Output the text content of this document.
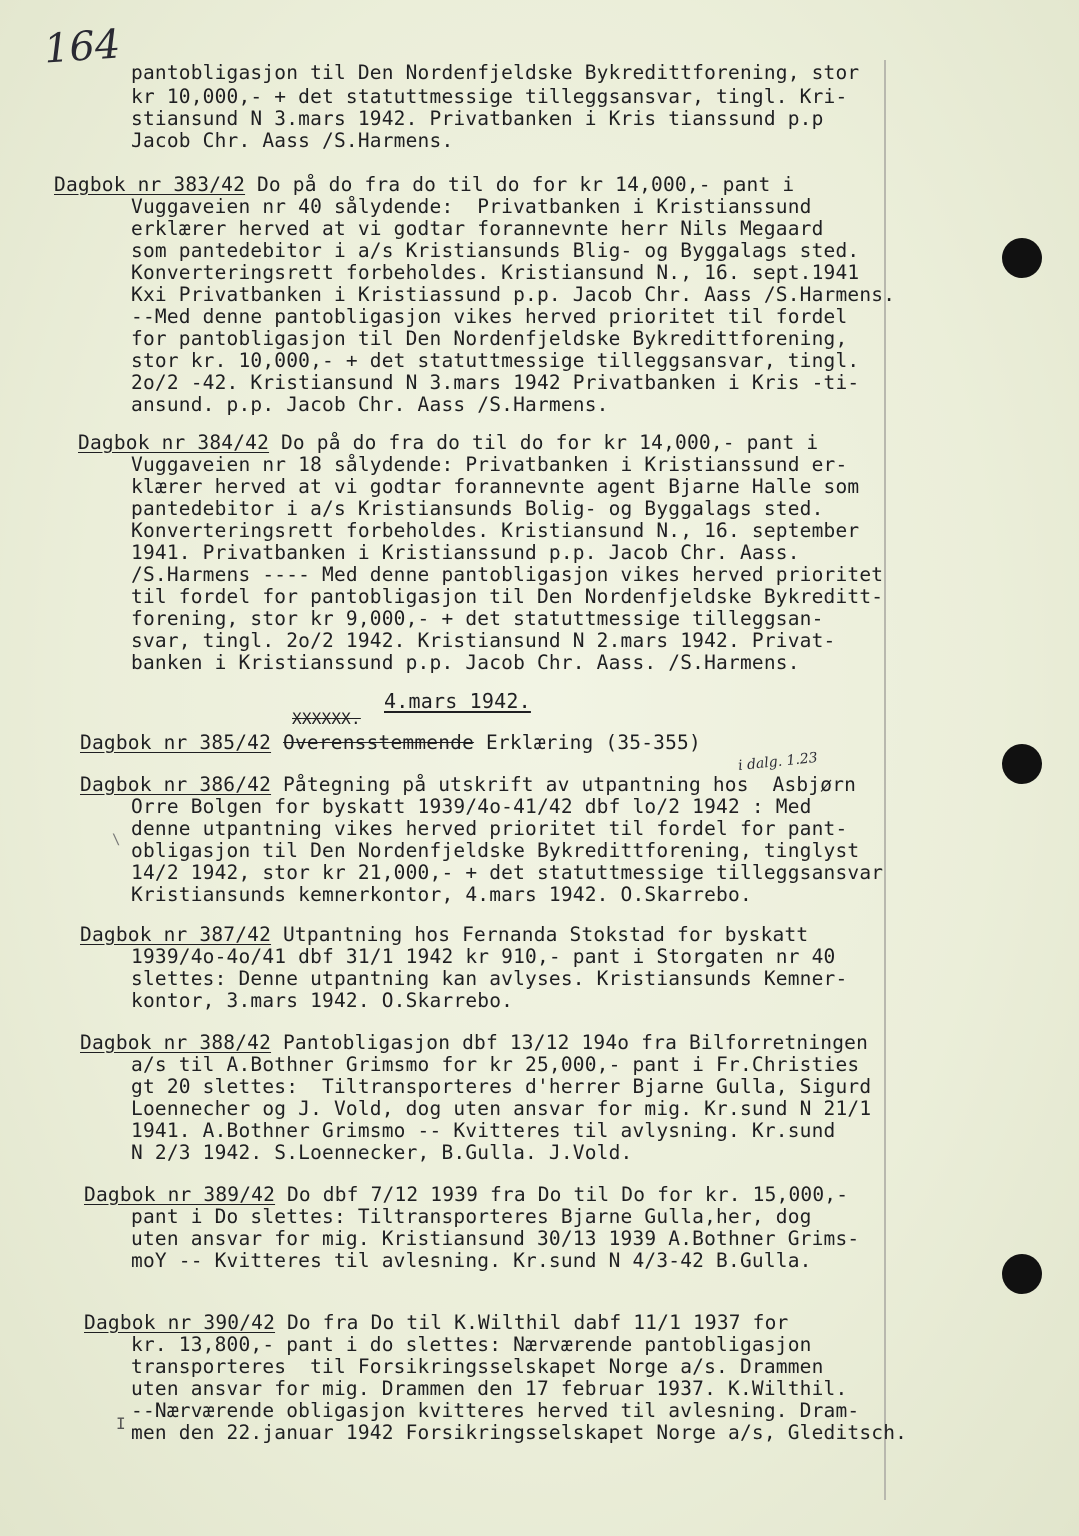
164
i dalg. 1.23
I
\
pantobligasjon til Den Nordenfjeldske Bykredittforening, stor
kr 10,000,- + det statuttmessige tilleggsansvar, tingl. Kri-
stiansund N 3.mars 1942. Privatbanken i Kris tianssund p.p
Jacob Chr. Aass /S.Harmens.
Dagbok nr 383/42 Do på do fra do til do for kr 14,000,- pant i
Vuggaveien nr 40 sålydende:  Privatbanken i Kristianssund
erklærer herved at vi godtar forannevnte herr Nils Megaard
som pantedebitor i a/s Kristiansunds Blig- og Byggalags sted.
Konverteringsrett forbeholdes. Kristiansund N., 16. sept.1941
Kxi Privatbanken i Kristiassund p.p. Jacob Chr. Aass /S.Harmens.
--Med denne pantobligasjon vikes herved prioritet til fordel
for pantobligasjon til Den Nordenfjeldske Bykredittforening,
stor kr. 10,000,- + det statuttmessige tilleggsansvar, tingl.
2o/2 -42. Kristiansund N 3.mars 1942 Privatbanken i Kris -ti-
ansund. p.p. Jacob Chr. Aass /S.Harmens.
Dagbok nr 384/42 Do på do fra do til do for kr 14,000,- pant i
Vuggaveien nr 18 sålydende: Privatbanken i Kristianssund er-
klærer herved at vi godtar forannevnte agent Bjarne Halle som
pantedebitor i a/s Kristiansunds Bolig- og Byggalags sted.
Konverteringsrett forbeholdes. Kristiansund N., 16. september
1941. Privatbanken i Kristianssund p.p. Jacob Chr. Aass.
/S.Harmens ---- Med denne pantobligasjon vikes herved prioritet
til fordel for pantobligasjon til Den Nordenfjeldske Bykreditt-
forening, stor kr 9,000,- + det statuttmessige tilleggsan-
svar, tingl. 2o/2 1942. Kristiansund N 2.mars 1942. Privat-
banken i Kristianssund p.p. Jacob Chr. Aass. /S.Harmens.
4.mars 1942.
XXXXXX.
Dagbok nr 385/42 Overensstemmende Erklæring (35-355)
Dagbok nr 386/42 Påtegning på utskrift av utpantning hos  Asbjørn
Orre Bolgen for byskatt 1939/4o-41/42 dbf lo/2 1942 : Med
denne utpantning vikes herved prioritet til fordel for pant-
obligasjon til Den Nordenfjeldske Bykredittforening, tinglyst
14/2 1942, stor kr 21,000,- + det statuttmessige tilleggsansvar
Kristiansunds kemnerkontor, 4.mars 1942. O.Skarrebo.
Dagbok nr 387/42 Utpantning hos Fernanda Stokstad for byskatt
1939/4o-4o/41 dbf 31/1 1942 kr 910,- pant i Storgaten nr 40
slettes: Denne utpantning kan avlyses. Kristiansunds Kemner-
kontor, 3.mars 1942. O.Skarrebo.
Dagbok nr 388/42 Pantobligasjon dbf 13/12 194o fra Bilforretningen
a/s til A.Bothner Grimsmo for kr 25,000,- pant i Fr.Christies
gt 20 slettes:  Tiltransporteres d'herrer Bjarne Gulla, Sigurd
Loennecher og J. Vold, dog uten ansvar for mig. Kr.sund N 21/1
1941. A.Bothner Grimsmo -- Kvitteres til avlysning. Kr.sund
N 2/3 1942. S.Loennecker, B.Gulla. J.Vold.
Dagbok nr 389/42 Do dbf 7/12 1939 fra Do til Do for kr. 15,000,-
pant i Do slettes: Tiltransporteres Bjarne Gulla,her, dog
uten ansvar for mig. Kristiansund 30/13 1939 A.Bothner Grims-
moY -- Kvitteres til avlesning. Kr.sund N 4/3-42 B.Gulla.
Dagbok nr 390/42 Do fra Do til K.Wilthil dabf 11/1 1937 for
kr. 13,800,- pant i do slettes: Nærværende pantobligasjon
transporteres  til Forsikringsselskapet Norge a/s. Drammen
uten ansvar for mig. Drammen den 17 februar 1937. K.Wilthil.
--Nærværende obligasjon kvitteres herved til avlesning. Dram-
men den 22.januar 1942 Forsikringsselskapet Norge a/s, Gleditsch.
